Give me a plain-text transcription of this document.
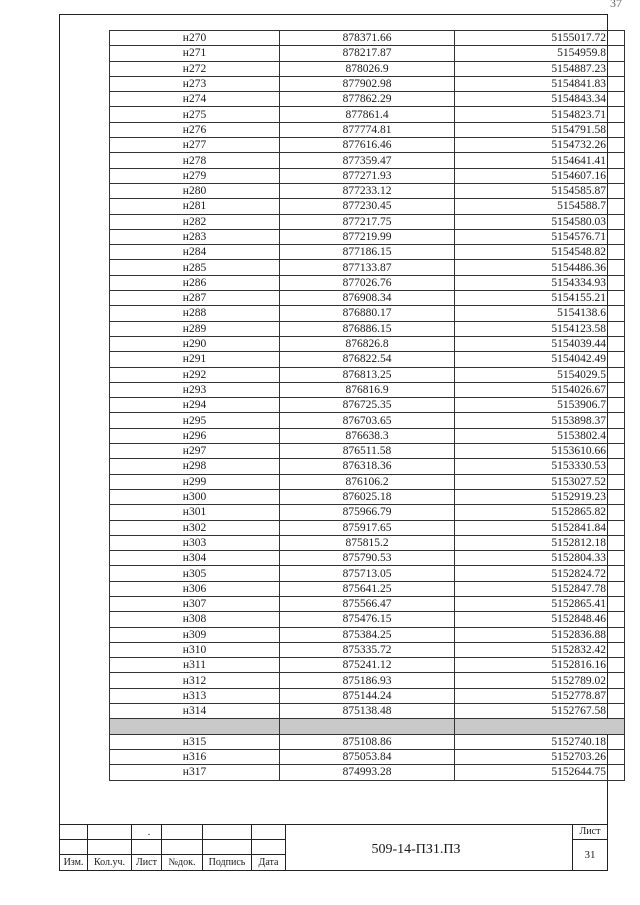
37
н270	878371.66	5155017.72

н271	878217.87	5154959.8

н272	878026.9	5154887.23

н273	877902.98	5154841.83

н274	877862.29	5154843.34

н275	877861.4	5154823.71

н276	877774.81	5154791.58

н277	877616.46	5154732.26

н278	877359.47	5154641.41

н279	877271.93	5154607.16

н280	877233.12	5154585.87

н281	877230.45	5154588.7

н282	877217.75	5154580.03

н283	877219.99	5154576.71

н284	877186.15	5154548.82

н285	877133.87	5154486.36

н286	877026.76	5154334.93

н287	876908.34	5154155.21

н288	876880.17	5154138.6

н289	876886.15	5154123.58

н290	876826.8	5154039.44

н291	876822.54	5154042.49

н292	876813.25	5154029.5

н293	876816.9	5154026.67

н294	876725.35	5153906.7

н295	876703.65	5153898.37

н296	876638.3	5153802.4

н297	876511.58	5153610.66

н298	876318.36	5153330.53

н299	876106.2	5153027.52

н300	876025.18	5152919.23

н301	875966.79	5152865.82

н302	875917.65	5152841.84

н303	875815.2	5152812.18

н304	875790.53	5152804.33

н305	875713.05	5152824.72

н306	875641.25	5152847.78

н307	875566.47	5152865.41

н308	875476.15	5152848.46

н309	875384.25	5152836.88

н310	875335.72	5152832.42

н311	875241.12	5152816.16

н312	875186.93	5152789.02

н313	875144.24	5152778.87

н314	875138.48	5152767.58

н315	875108.86	5152740.18

н316	875053.84	5152703.26

н317	874993.28	5152644.75
.
Изм.	Кол.уч.	Лист	№док.	Подпись	Дата
509-14-ПЗ1.ПЗ
Лист
31
